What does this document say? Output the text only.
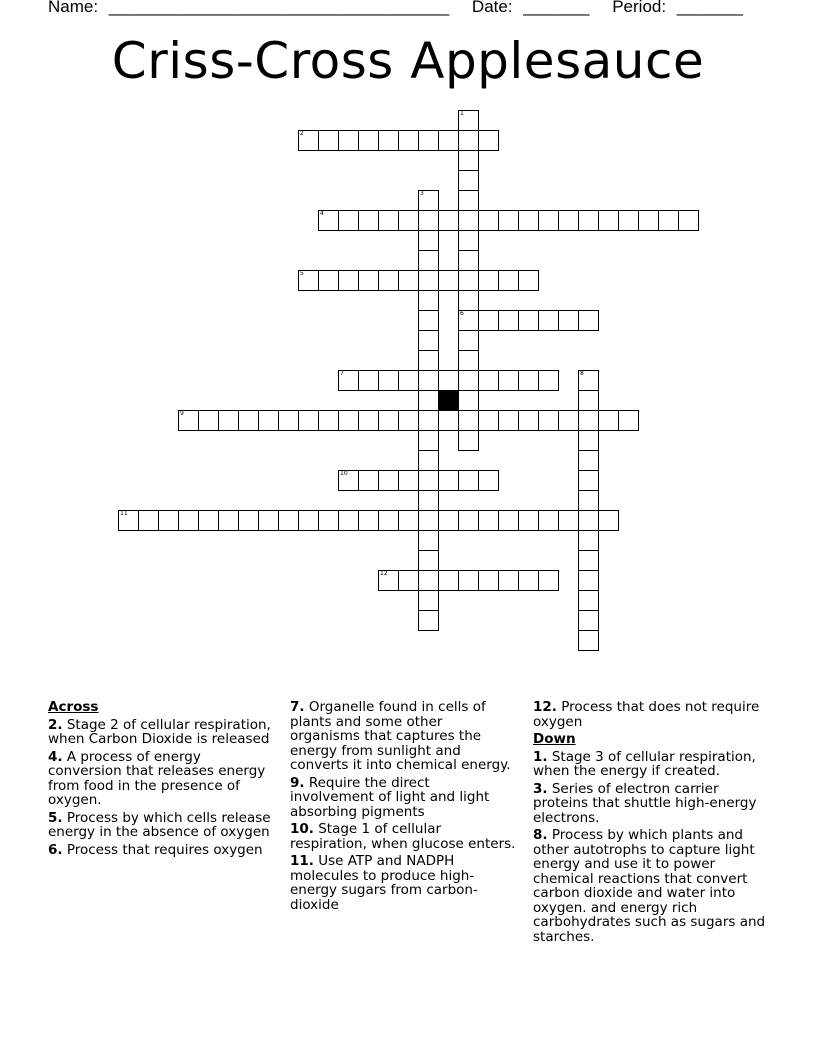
Name: ____________________________________ Date: _______ Period: _______
Criss-Cross Applesauce
1
6
2
3
4
5
7	8
9
10
11
12
Across
2. Stage 2 of cellular respiration, when Carbon Dioxide is released
4. A process of energy conversion that releases energy from food in the presence of oxygen.
5. Process by which cells release energy in the absence of oxygen
6. Process that requires oxygen
7. Organelle found in cells of plants and some other organisms that captures the energy from sunlight and converts it into chemical energy.
9. Require the direct involvement of light and light absorbing pigments
10. Stage 1 of cellular respiration, when glucose enters.
11. Use ATP and NADPH molecules to produce high-energy sugars from carbon-dioxide
12. Process that does not require oxygen
Down
1. Stage 3 of cellular respiration, when the energy if created.
3. Series of electron carrier proteins that shuttle high-energy electrons.
8. Process by which plants and other autotrophs to capture light energy and use it to power chemical reactions that convert carbon dioxide and water into oxygen. and energy rich carbohydrates such as sugars and starches.
